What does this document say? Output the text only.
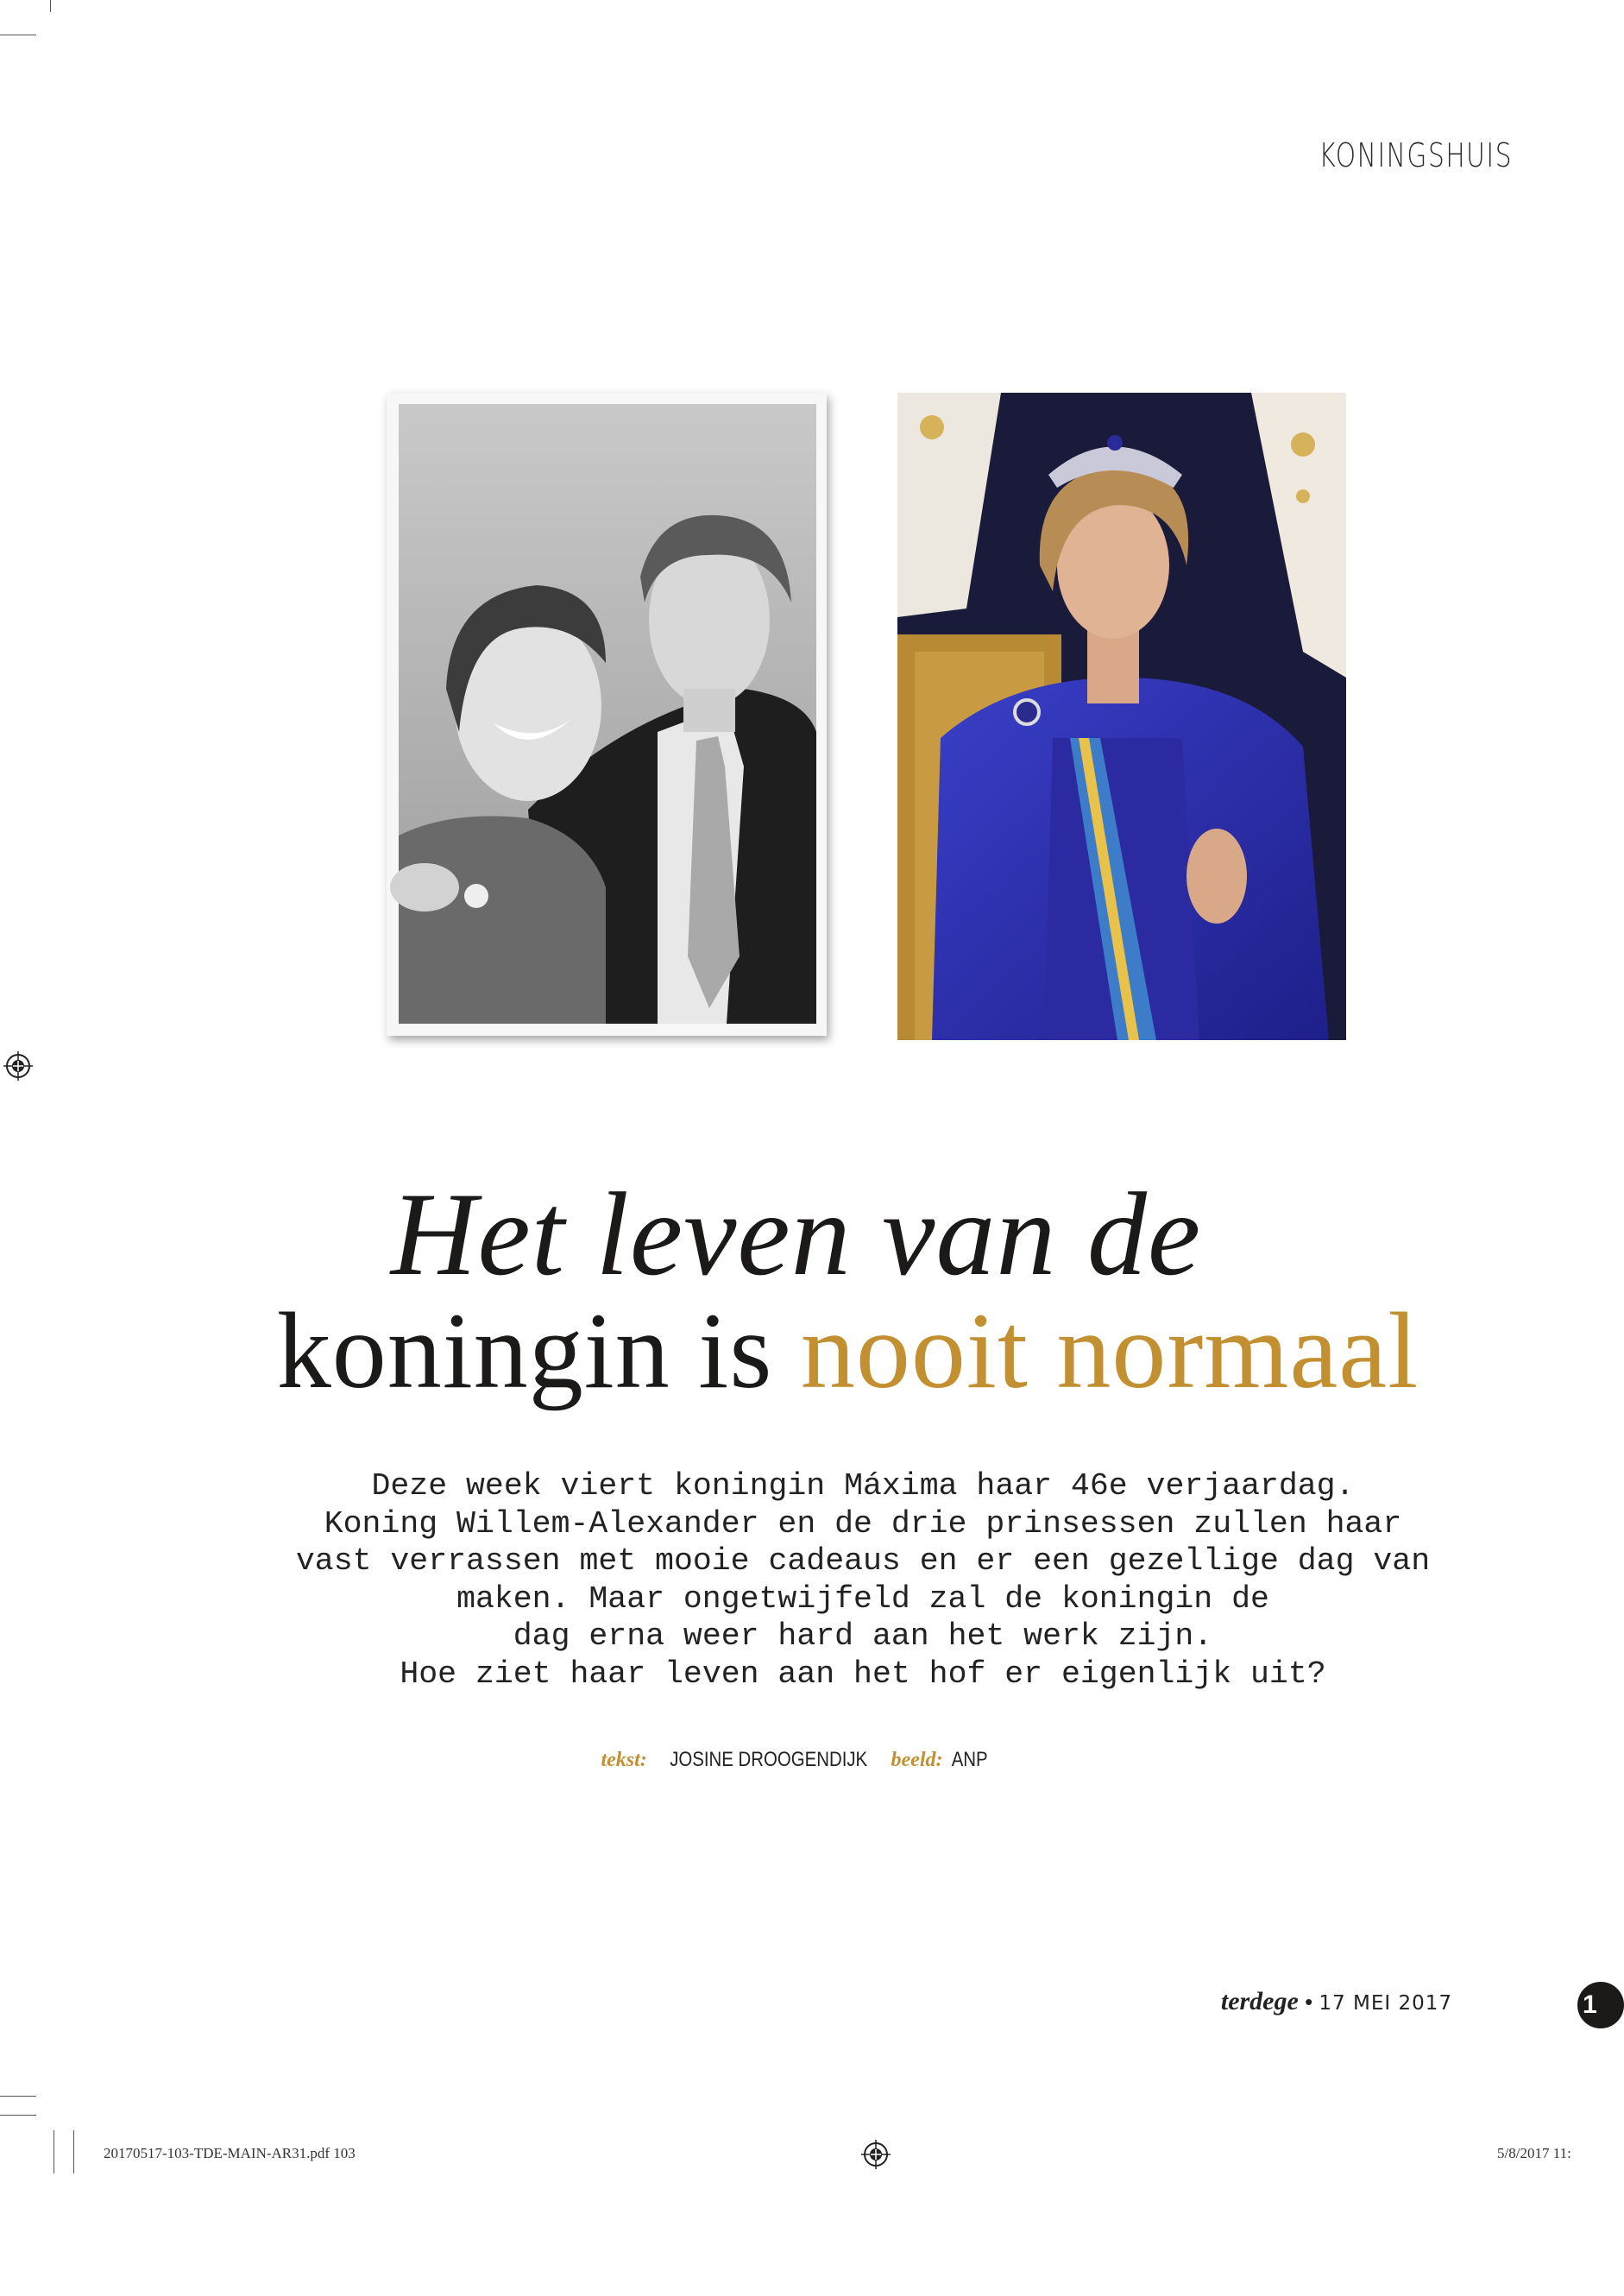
KONINGSHUIS
Het leven van de
koningin is nooit normaal
Deze week viert koningin Máxima haar 46e verjaardag.
Koning Willem-Alexander en de drie prinsessen zullen haar
vast verrassen met mooie cadeaus en er een gezellige dag van
maken. Maar ongetwijfeld zal de koningin de
dag erna weer hard aan het werk zijn.
Hoe ziet haar leven aan het hof er eigenlijk uit?
tekst: JOSINE DROOGENDIJK beeld: ANP
terdege • 17 MEI 2017	1
20170517-103-TDE-MAIN-AR31.pdf 103	5/8/2017 11:
